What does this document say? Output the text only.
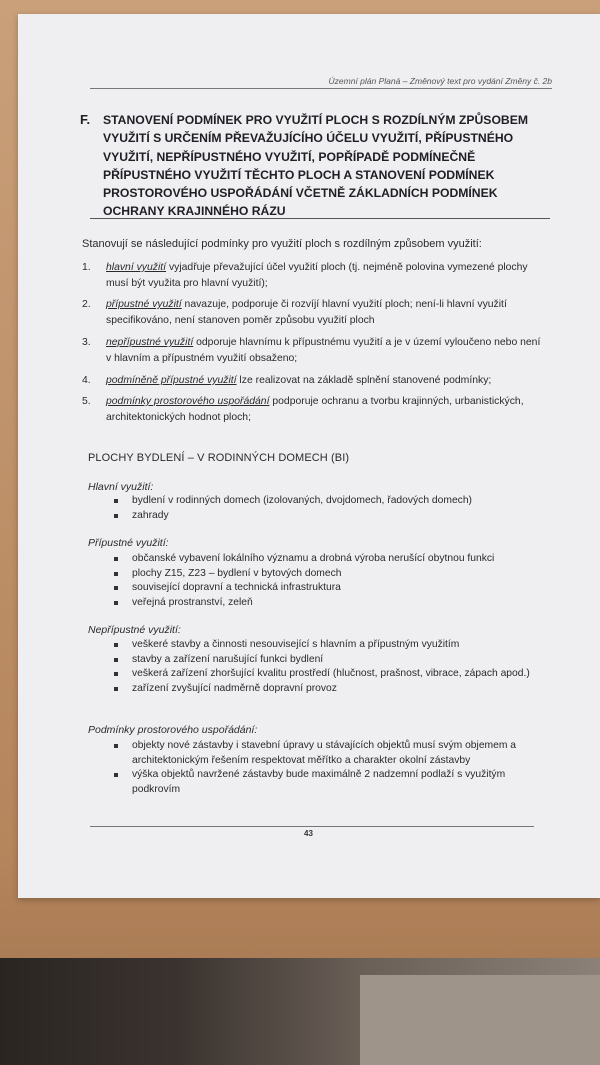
Územní plán Planá – Změnový text pro vydání Změny č. 2b
F. STANOVENÍ PODMÍNEK PRO VYUŽITÍ PLOCH S ROZDÍLNÝM ZPŮSOBEM VYUŽITÍ S URČENÍM PŘEVAŽUJÍCÍHO ÚČELU VYUŽITÍ, PŘÍPUSTNÉHO VYUŽITÍ, NEPŘÍPUSTNÉHO VYUŽITÍ, POPŘÍPADĚ PODMÍNEČNĚ PŘÍPUSTNÉHO VYUŽITÍ TĚCHTO PLOCH A STANOVENÍ PODMÍNEK PROSTOROVÉHO USPOŘÁDÁNÍ VČETNĚ ZÁKLADNÍCH PODMÍNEK OCHRANY KRAJINNÉHO RÁZU
Stanovují se následující podmínky pro využití ploch s rozdílným způsobem využití:
1.	hlavní využití vyjadřuje převažující účel využití ploch (tj. nejméně polovina vymezené plochy musí být využita pro hlavní využití);
2.	přípustné využití navazuje, podporuje či rozvíjí hlavní využití ploch; není-li hlavní využití specifikováno, není stanoven poměr způsobu využití ploch
3.	nepřípustné využití odporuje hlavnímu k přípustnému využití a je v území vyloučeno nebo není v hlavním a přípustném využití obsaženo;
4.	podmíněně přípustné využití lze realizovat na základě splnění stanovené podmínky;
5.	podmínky prostorového uspořádání podporuje ochranu a tvorbu krajinných, urbanistických, architektonických hodnot ploch;
PLOCHY BYDLENÍ – V RODINNÝCH DOMECH (BI)
Hlavní využití:
bydlení v rodinných domech (izolovaných, dvojdomech, řadových domech)
zahrady
Přípustné využití:
občanské vybavení lokálního významu a drobná výroba nerušící obytnou funkci
plochy Z15, Z23 – bydlení v bytových domech
související dopravní a technická infrastruktura
veřejná prostranství, zeleň
Nepřípustné využití:
veškeré stavby a činnosti nesouvisející s hlavním a přípustným využitím
stavby a zařízení narušující funkci bydlení
veškerá zařízení zhoršující kvalitu prostředí (hlučnost, prašnost, vibrace, zápach apod.)
zařízení zvyšující nadměrně dopravní provoz
Podmínky prostorového uspořádání:
objekty nové zástavby i stavební úpravy u stávajících objektů musí svým objemem a architektonickým řešením respektovat měřítko a charakter okolní zástavby
výška objektů navržené zástavby bude maximálně 2 nadzemní podlaží s využitým podkrovím
43
